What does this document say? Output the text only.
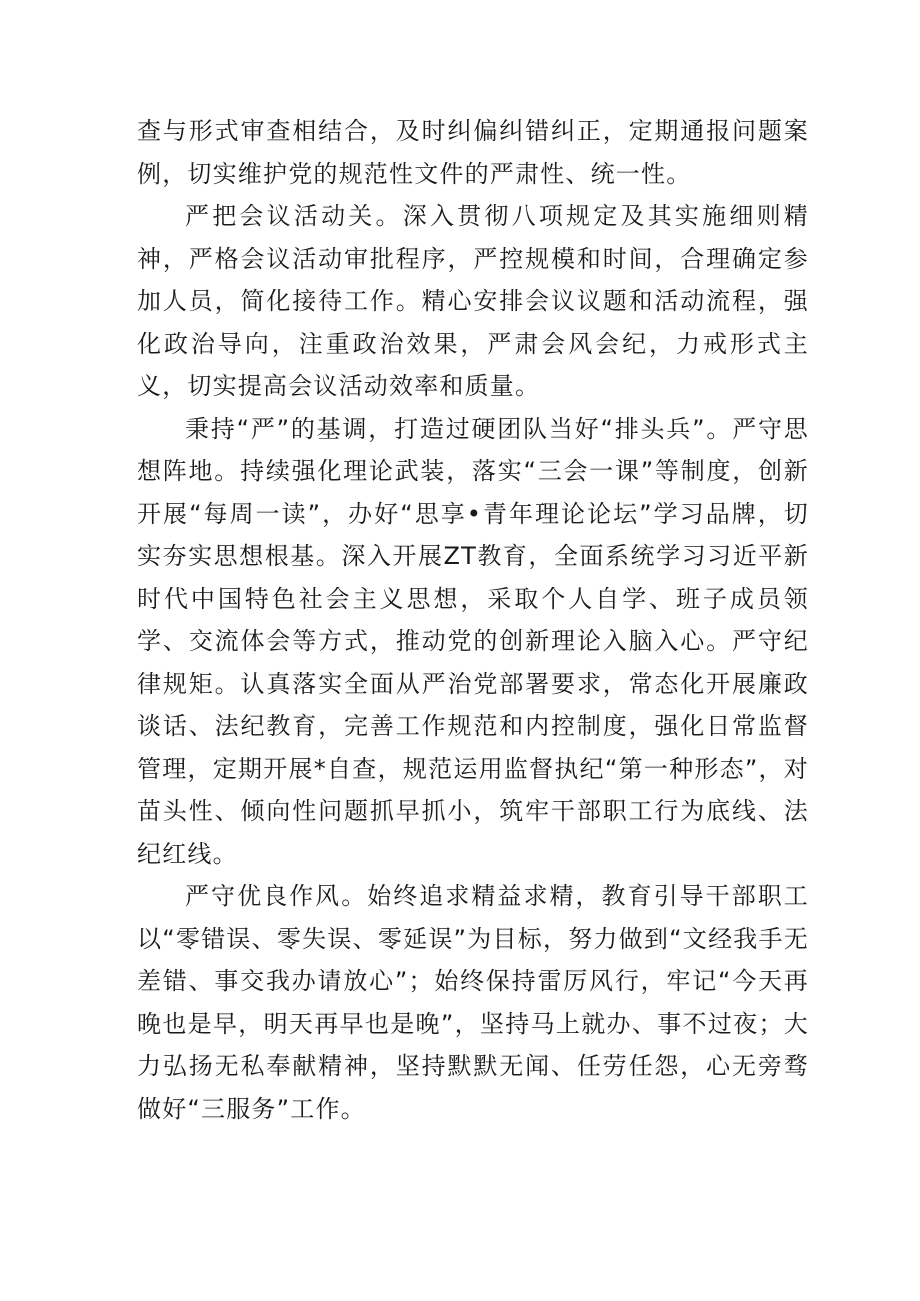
查与形式审查相结合，及时纠偏纠错纠正，定期通报问题案例，切实维护党的规范性文件的严肃性、统一性。

严把会议活动关。深入贯彻八项规定及其实施细则精神，严格会议活动审批程序，严控规模和时间，合理确定参加人员，简化接待工作。精心安排会议议题和活动流程，强化政治导向，注重政治效果，严肃会风会纪，力戒形式主义，切实提高会议活动效率和质量。

秉持“严”的基调，打造过硬团队当好“排头兵”。严守思想阵地。持续强化理论武装，落实“三会一课”等制度，创新开展“每周一读”，办好“思享•青年理论论坛”学习品牌，切实夯实思想根基。深入开展ZT教育，全面系统学习习近平新时代中国特色社会主义思想，采取个人自学、班子成员领学、交流体会等方式，推动党的创新理论入脑入心。严守纪律规矩。认真落实全面从严治党部署要求，常态化开展廉政谈话、法纪教育，完善工作规范和内控制度，强化日常监督管理，定期开展*自查，规范运用监督执纪“第一种形态”，对苗头性、倾向性问题抓早抓小，筑牢干部职工行为底线、法纪红线。

严守优良作风。始终追求精益求精，教育引导干部职工以“零错误、零失误、零延误”为目标，努力做到“文经我手无差错、事交我办请放心”；始终保持雷厉风行，牢记“今天再晚也是早，明天再早也是晚”，坚持马上就办、事不过夜；大力弘扬无私奉献精神，坚持默默无闻、任劳任怨，心无旁骛做好“三服务”工作。
